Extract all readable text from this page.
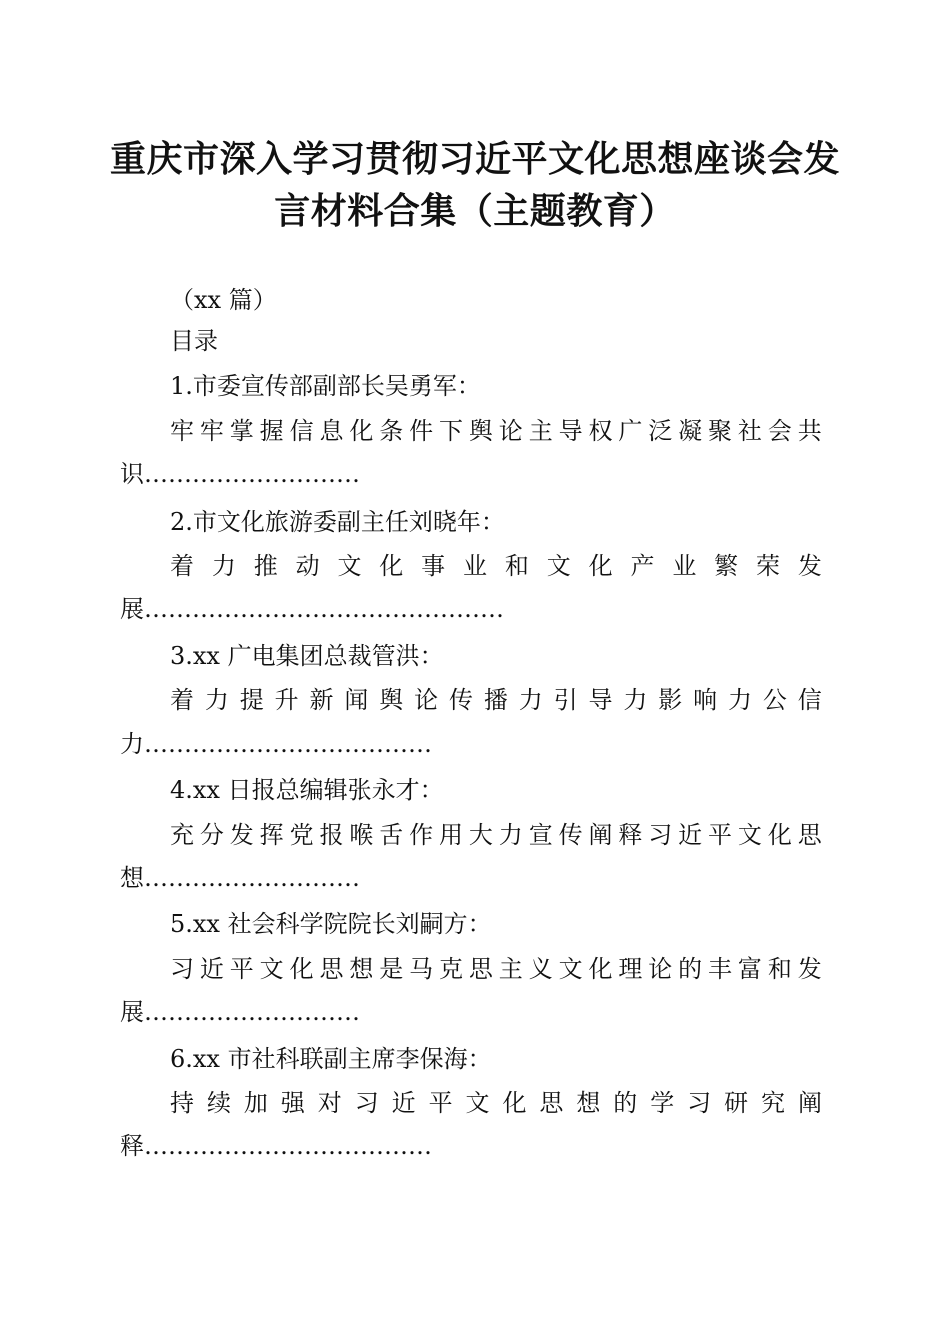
重庆市深入学习贯彻习近平文化思想座谈会发
言材料合集（主题教育）
（xx 篇）
目录
1.市委宣传部副部长吴勇军：
牢 牢 掌 握 信 息 化 条 件 下 舆 论 主 导 权 广 泛 凝 聚 社 会 共
识………………………
2.市文化旅游委副主任刘晓年：
着 力 推 动 文 化 事 业 和 文 化 产 业 繁 荣 发
展………………………………………
3.xx 广电集团总裁管洪：
着 力 提 升 新 闻 舆 论 传 播 力 引 导 力 影 响 力 公 信
力………………………………
4.xx 日报总编辑张永才：
充 分 发 挥 党 报 喉 舌 作 用 大 力 宣 传 阐 释 习 近 平 文 化 思
想………………………
5.xx 社会科学院院长刘嗣方：
习 近 平 文 化 思 想 是 马 克 思 主 义 文 化 理 论 的 丰 富 和 发
展………………………
6.xx 市社科联副主席李保海：
持 续 加 强 对 习 近 平 文 化 思 想 的 学 习 研 究 阐
释………………………………
